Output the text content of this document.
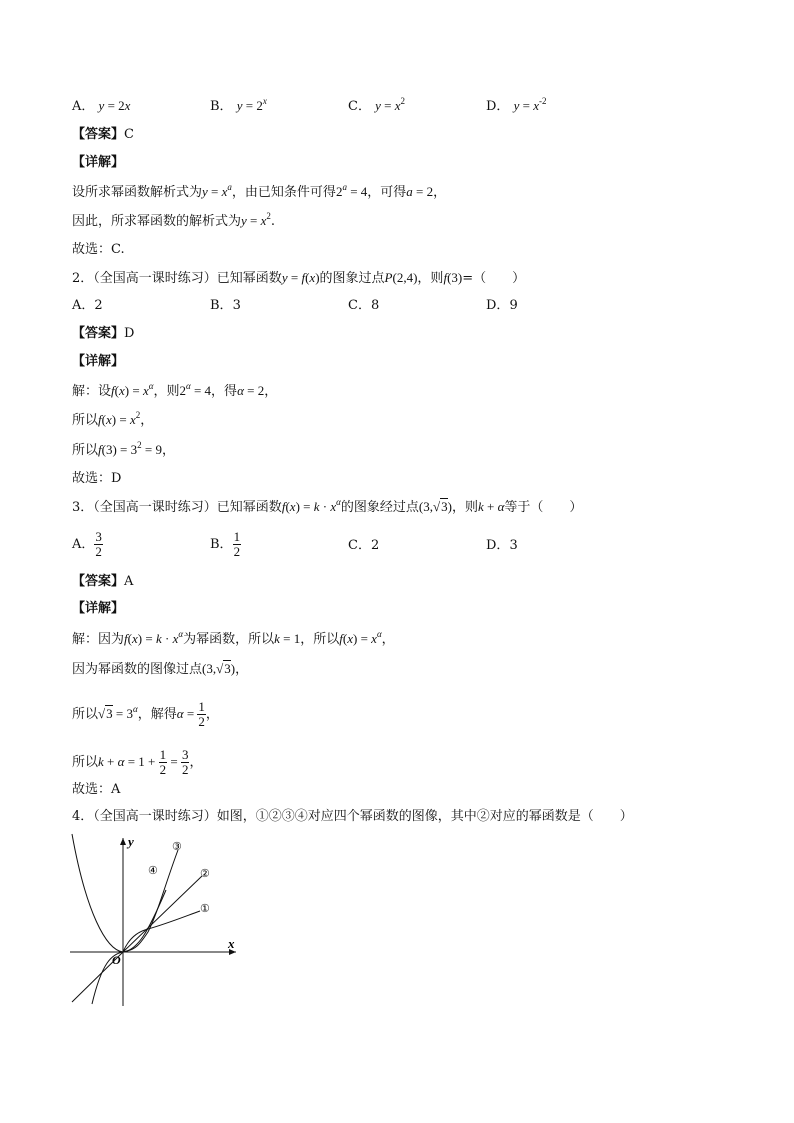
A． y = 2x	B． $y = 2^x$	C． $y = x^2$	D． $y = x^{-2}$
【答案】C
【详解】
设所求幂函数解析式为$y = x^a$，由已知条件可得$2^a = 4$，可得a = 2，
因此，所求幂函数的解析式为$y = x^2$.
故选：C.
2．（全国高一课时练习）已知幂函数y = f(x)的图象过点P(2,4)，则f(3)=（　　）
A．2	B．3	C．8	D．9
【答案】D
【详解】
解：设$f(x) = x^\alpha$，则$2^\alpha = 4$，得α = 2，
所以$f(x) = x^2$，
所以$f(3) = 3^2 = 9$，
故选：D
3．（全国高一课时练习）已知幂函数$f(x) = k \cdot x^\alpha$的图象经过点(3,√3)，则k + α等于（　　）
A． $\frac{3}{2}$	B． $\frac{1}{2}$	C．2	D．3
【答案】A
【详解】
解：因为$f(x) = k \cdot x^\alpha$为幂函数，所以k = 1，所以$f(x) = x^\alpha$，
因为幂函数的图像过点(3,√3)，
所以$√3 = 3^\alpha$，解得$\alpha = \frac{1}{2}$ ，
所以$k + \alpha = 1 + \frac{1}{2} = \frac{3}{2}$ ，
故选：A
4．（全国高一课时练习）如图，①②③④对应四个幂函数的图像，其中②对应的幂函数是（　　）
x
y
O
①
②
③
④
